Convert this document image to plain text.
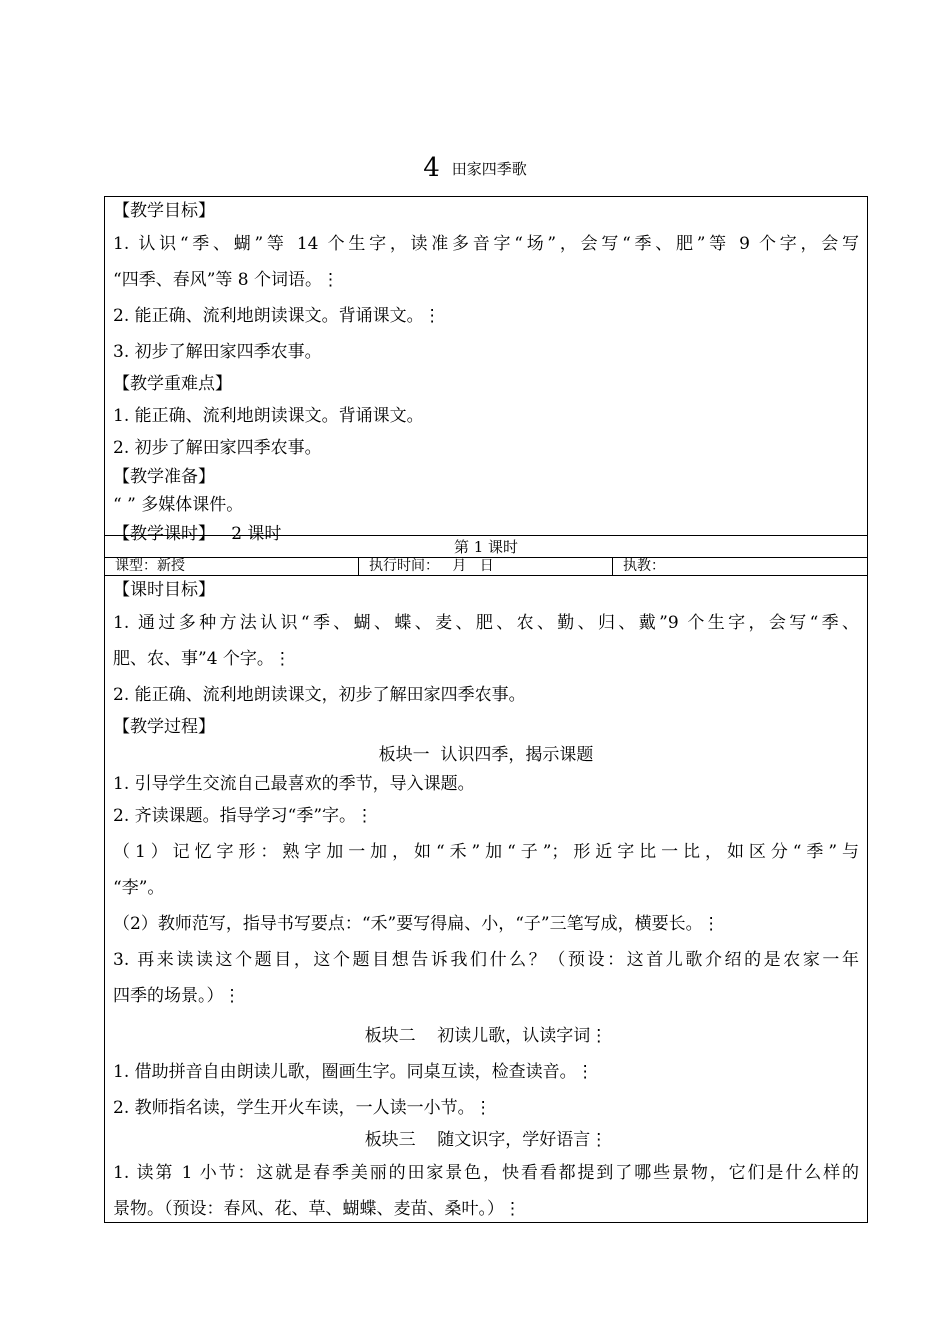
4 田家四季歌
【教学目标】
1. 认识“季、蝴”等 14 个生字，读准多音字“场”，会写“季、肥”等 9 个字，会写
“四季、春风”等 8 个词语。⋮
2. 能正确、流利地朗读课文。背诵课文。⋮
3. 初步了解田家四季农事。
【教学重难点】
1. 能正确、流利地朗读课文。背诵课文。
2. 初步了解田家四季农事。
【教学准备】
“ ” 多媒体课件。
【教学课时】   2 课时
第 1 课时
课型：新授	执行时间：   月   日	执教：
【课时目标】
1. 通过多种方法认识“季、蝴、蝶、麦、肥、农、勤、归、戴”9 个生字，会写“季、
肥、农、事”4 个字。⋮
2. 能正确、流利地朗读课文，初步了解田家四季农事。
【教学过程】
板块一  认识四季，揭示课题
1. 引导学生交流自己最喜欢的季节，导入课题。
2. 齐读课题。指导学习“季”字。⋮
（1）记忆字形：熟字加一加，如“禾”加“子”；形近字比一比，如区分“季”与
“李”。
（2）教师范写，指导书写要点：“禾”要写得扁、小，“子”三笔写成，横要长。⋮
3. 再来读读这个题目，这个题目想告诉我们什么？（预设：这首儿歌介绍的是农家一年
四季的场景。）⋮
板块二    初读儿歌，认读字词⋮
1. 借助拼音自由朗读儿歌，圈画生字。同桌互读，检查读音。⋮
2. 教师指名读，学生开火车读，一人读一小节。⋮
板块三    随文识字，学好语言⋮
1. 读第 1 小节：这就是春季美丽的田家景色，快看看都提到了哪些景物，它们是什么样的
景物。（预设：春风、花、草、蝴蝶、麦苗、桑叶。）⋮
